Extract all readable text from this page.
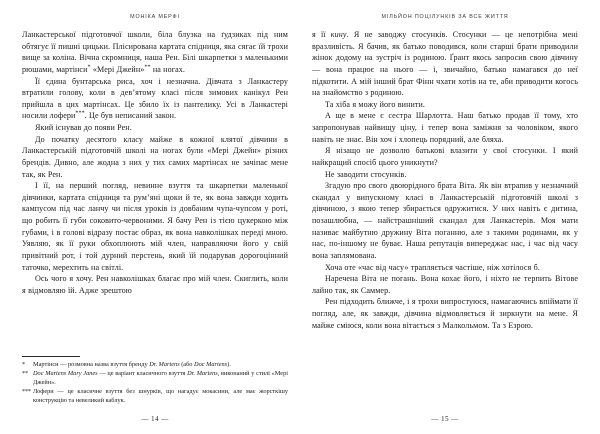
МОНІКА МЕРФІ

Ланкастерської підготовчої школи, біла блузка на ґудзиках під ним обтягує її пишні цицьки. Плісирована картата спідниця, яка сягає їй трохи вище за коліна. Вічна скромниця, наша Рен. Білі шкарпетки з маленькими рюшами, мартінси* «Мері Джейн»** на ногах.

Її єдина бунтарська риса, хоч і незначна. Дівчата з Ланкастеру втратили голову, коли в дев’ятому класі після зимових канікул Рен прийшла в цих мартінсах. Це збило їх із пантелику. Усі в Ланкастері носили лофери***. Це був неписаний закон.

Який існував до появи Рен.

До початку десятого класу майже в кожної клятої дівчини в Ланкастерській підготовчій школі на ногах були «Мері Джейн» різних брендів. Дивно, але жодна з них у тих самих мартінсах не зачіпає мене так, як Рен.

І її, на перший погляд, невинне взуття та шкарпетки маленької дівчинки, картата спідниця та рум’яні щоки й те, як вона завжди ходить кампусом під час ланчу чи після уроків із довбаним чупа-чупсом у роті, що робить її губи соковито-червоними. Я бачу Рен із тією цукеркою між губами, і в голові відразу постає образ, як вона навколішках переді мною. Уявляю, як її руки обхоплюють мій член, направляючи його у свій привітний рот, і той дурний перстень, який їй подарував дорогоцінний таточко, мерехтить на світлі.

Ось чого я хочу. Рен навколішках благає про мій член. Скиглить, коли я відмовляю їй. Адже зрештою

*	Мартінси — розмовна назва взуття бренду Dr. Martens (або Doc Martens).
** Doc Martens Mary Janes — це варіант класичного взуття Dr. Martens, виконаний у стилі «Мері Джейн».
*** Лофери — це класичне взуття без шнурків, що нагадує мокасини, але має жорсткішу конструкцію та невеликий каблук.
— 14 —
МІЛЬЙОН ПОЦІЛУНКІВ ЗА ВСЕ ЖИТТЯ

я її кину. Я не заводжу стосунків. Стосунки — це непотрібна мені вразливість. Я бачив, як батько поводився, коли старші брати приводили жінок додому на зустріч із родиною. Ґрант якось запросив свою дівчину — вона працює на нього — і, звичайно, батько намагався до неї підкотити. А мій інший брат Фінн чхати хотів на те, аби приводити когось на знайомство з родиною.

Та хіба я можу його винити.

А ще в мене є сестра Шарлотта. Наш батько продав її тому, хто запропонував найвищу ціну, і тепер вона заміжня за чоловіком, якого навіть не знає. Він хоч і хлопець порядний, але бляха.

Я нізащо не дозволю батькові влазити у свої стосунки. І який найкращий спосіб цього уникнути?

Не заводити стосунків.

Згадую про свого двоюрідного брата Віта. Як він втрапив у незначний скандал у випускному класі в Ланкастерській підготовчій школі з дівчиною, з якою тепер збирається одружитися. У них навіть є дитина, позашлюбна, — найстрашніший скандал для Ланкастерів. Моя мати називає майбутню дружину Віта поганню, але з такими родинами, як у нас, по-іншому не буває. Наша репутація випереджає нас, і час від часу вона заплямована.

Хоча оте «час від часу» трапляється частіше, ніж хотілося б.

Наречена Віта не погань. Вона кохає його, і ніхто не терпить Вітове лайно так, як Саммер.

Рен підходить ближче, і я трохи випростуюся, намагаючись впіймати її погляд, але, як завжди, дівчина відмовляється й зиркнути на мене. Я майже сміюся, коли вона вітається з Малкольмом. Та з Езрою.

— 15 —
